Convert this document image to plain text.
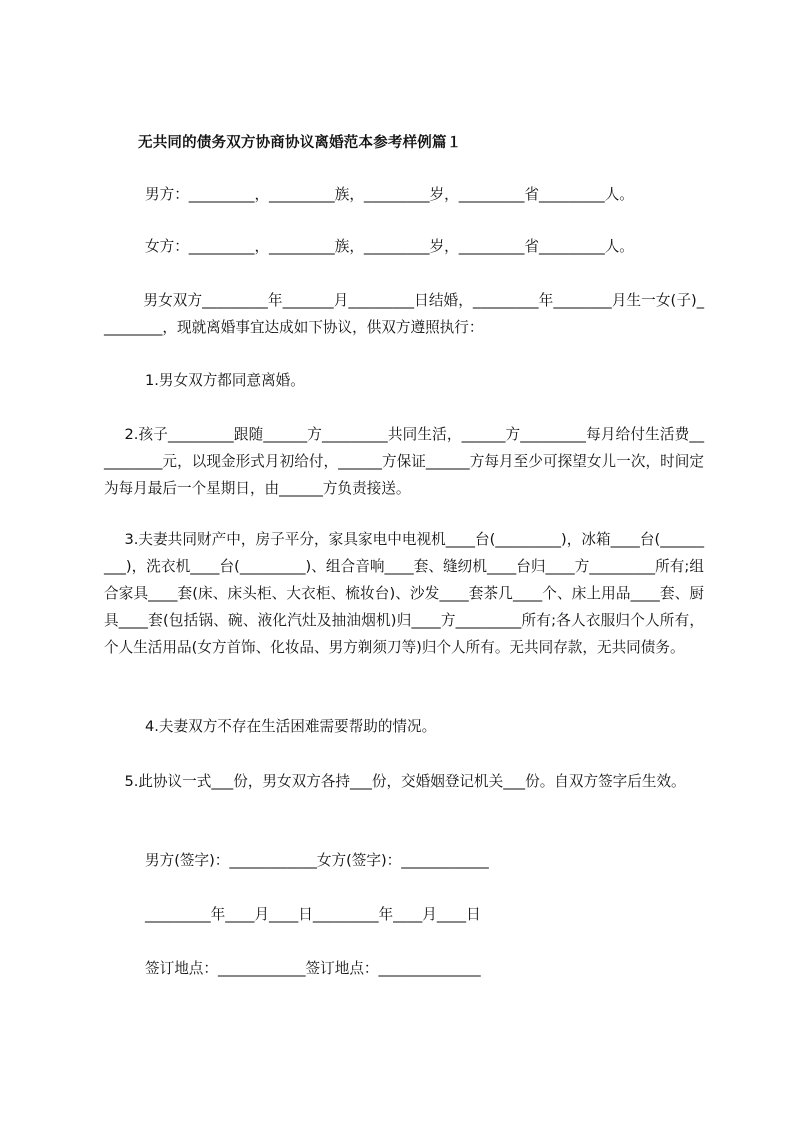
无共同的债务双方协商协议离婚范本参考样例篇１
男方：_________，_________族，_________岁，_________省_________人。
女方：_________，_________族，_________岁，_________省_________人。
男女双方_________年_______月_________日结婚，_________年________月生一女(子)_________，现就离婚事宜达成如下协议，供双方遵照执行：
1.男女双方都同意离婚。
2.孩子_________跟随______方_________共同生活，______方_________每月给付生活费__________元，以现金形式月初给付，______方保证______方每月至少可探望女儿一次，时间定为每月最后一个星期日，由______方负责接送。
3.夫妻共同财产中，房子平分，家具家电中电视机____台(_________)，冰箱____台(_________)，洗衣机____台(_________)、组合音响____套、缝纫机____台归____方_________所有;组合家具____套(床、床头柜、大衣柜、梳妆台)、沙发____套茶几____个、床上用品____套、厨具____套(包括锅、碗、液化汽灶及抽油烟机)归____方_________所有;各人衣服归个人所有，个人生活用品(女方首饰、化妆品、男方剃须刀等)归个人所有。无共同存款，无共同债务。
4.夫妻双方不存在生活困难需要帮助的情况。
5.此协议一式___份，男女双方各持___份，交婚姻登记机关___份。自双方签字后生效。
男方(签字)：____________女方(签字)：____________
_________年____月____日_________年____月____日
签订地点：____________签订地点：______________
